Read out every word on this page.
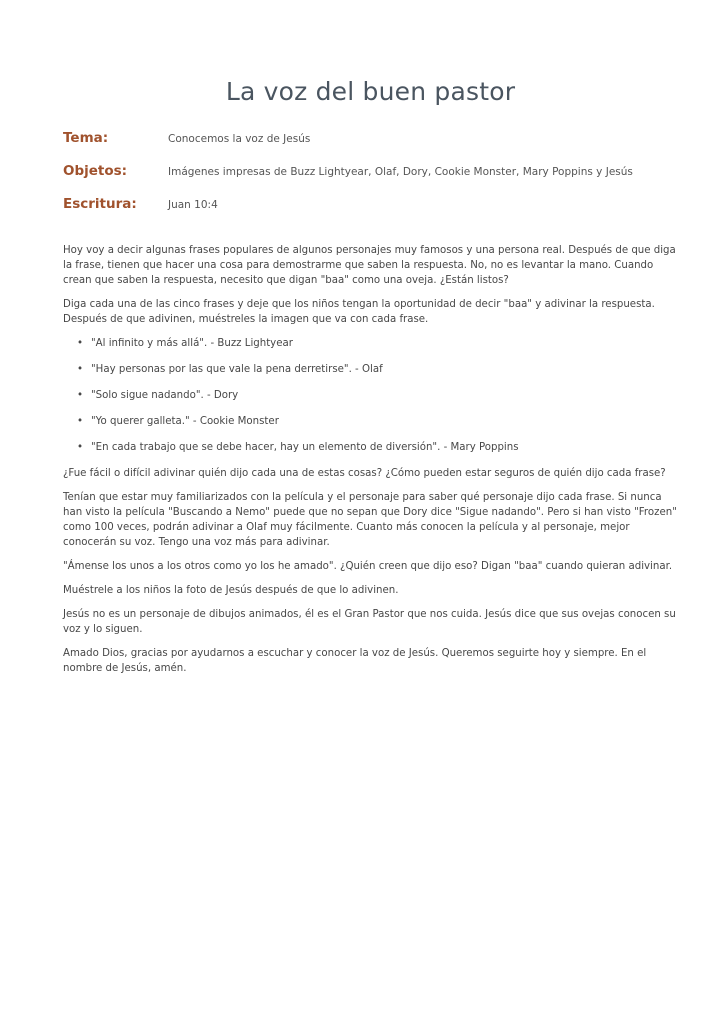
La voz del buen pastor
Tema:	Conocemos la voz de Jesús
Objetos:	Imágenes impresas de Buzz Lightyear, Olaf, Dory, Cookie Monster, Mary Poppins y Jesús
Escritura:	Juan 10:4

Hoy voy a decir algunas frases populares de algunos personajes muy famosos y una persona real. Después de que diga la frase, tienen que hacer una cosa para demostrarme que saben la respuesta. No, no es levantar la mano. Cuando crean que saben la respuesta, necesito que digan "baa" como una oveja. ¿Están listos?

Diga cada una de las cinco frases y deje que los niños tengan la oportunidad de decir "baa" y adivinar la respuesta. Después de que adivinen, muéstreles la imagen que va con cada frase.

• "Al infinito y más allá". - Buzz Lightyear
• "Hay personas por las que vale la pena derretirse". - Olaf
• "Solo sigue nadando". - Dory
• "Yo querer galleta." - Cookie Monster
• "En cada trabajo que se debe hacer, hay un elemento de diversión". - Mary Poppins

¿Fue fácil o difícil adivinar quién dijo cada una de estas cosas? ¿Cómo pueden estar seguros de quién dijo cada frase?

Tenían que estar muy familiarizados con la película y el personaje para saber qué personaje dijo cada frase. Si nunca han visto la película "Buscando a Nemo" puede que no sepan que Dory dice "Sigue nadando". Pero si han visto "Frozen" como 100 veces, podrán adivinar a Olaf muy fácilmente. Cuanto más conocen la película y al personaje, mejor conocerán su voz. Tengo una voz más para adivinar.

"Ámense los unos a los otros como yo los he amado". ¿Quién creen que dijo eso? Digan "baa" cuando quieran adivinar.

Muéstrele a los niños la foto de Jesús después de que lo adivinen.

Jesús no es un personaje de dibujos animados, él es el Gran Pastor que nos cuida. Jesús dice que sus ovejas conocen su voz y lo siguen.

Amado Dios, gracias por ayudarnos a escuchar y conocer la voz de Jesús. Queremos seguirte hoy y siempre. En el nombre de Jesús, amén.
